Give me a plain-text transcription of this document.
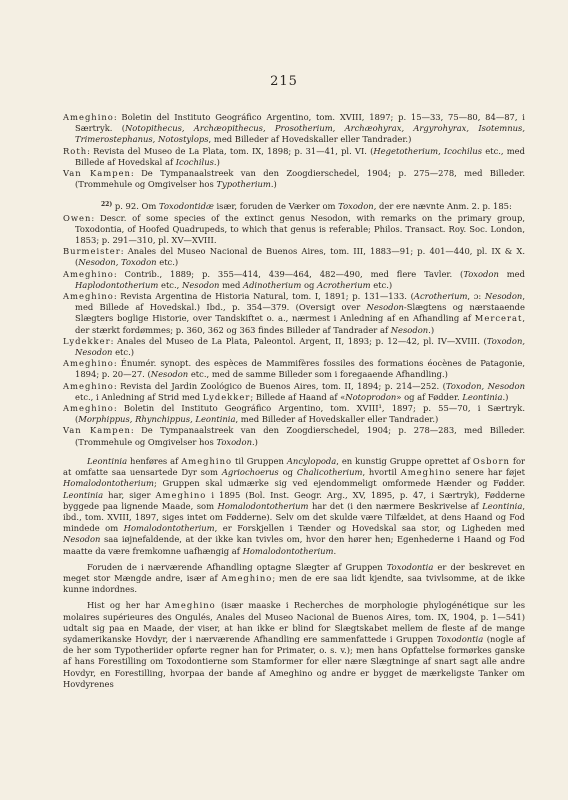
215

Ameghino: Boletin del Instituto Geográfico Argentino, tom. XVIII, 1897; p. 15—33, 75—80, 84—87, i Særtryk. (Notopithecus, Archæopithecus, Prosotherium, Archæohyrax, Argyrohyrax, Isotemnus, Trimerostephanus, Notostylops, med Billeder af Hovedskaller eller Tandrader.)

Roth: Revista del Museo de La Plata, tom. IX, 1898; p. 31—41, pl. VI. (Hegetotherium, Icochilus etc., med Billede af Hovedskal af Icochilus.)

Van Kampen: De Tympanaalstreek van den Zoogdierschedel, 1904; p. 275—278, med Billeder. (Trommehule og Omgivelser hos Typotherium.)

$^{22)}$ p. 92. Om Toxodontidæ især, foruden de Værker om Toxodon, der ere nævnte Anm. 2. p. 185:

Owen: Descr. of some species of the extinct genus Nesodon, with remarks on the primary group, Toxodontia, of Hoofed Quadrupeds, to which that genus is referable; Philos. Transact. Roy. Soc. London, 1853; p. 291—310, pl. XV—XVIII.

Burmeister: Anales del Museo Nacional de Buenos Aires, tom. III, 1883—91; p. 401—440, pl. IX & X. (Nesodon, Toxodon etc.)

Ameghino: Contrib., 1889; p. 355—414, 439—464, 482—490, med flere Tavler. (Toxodon med Haplodontotherium etc., Nesodon med Adinotherium og Acrotherium etc.)

Ameghino: Revista Argentina de Historia Natural, tom. I, 1891; p. 131—133. (Acrotherium, ɔ: Nesodon, med Billede af Hovedskal.) Ibd., p. 354—379. (Oversigt over Nesodon-Slægtens og nærstaaende Slægters boglige Historie, over Tandskiftet o. a., nærmest i Anledning af en Afhandling af Mercerat, der stærkt fordømmes; p. 360, 362 og 363 findes Billeder af Tandrader af Nesodon.)

Lydekker: Anales del Museo de La Plata, Paleontol. Argent, II, 1893; p. 12—42, pl. IV—XVIII. (Toxodon, Nesodon etc.)

Ameghino: Énumér. synopt. des espèces de Mammifères fossiles des formations éocènes de Patagonie, 1894; p. 20—27. (Nesodon etc., med de samme Billeder som i foregaaende Afhandling.)

Ameghino: Revista del Jardin Zoológico de Buenos Aires, tom. II, 1894; p. 214—252. (Toxodon, Nesodon etc., i Anledning af Strid med Lydekker; Billede af Haand af «Notoprodon» og af Fødder. Leontinia.)

Ameghino: Boletin del Instituto Geográfico Argentino, tom. XVIII¹, 1897; p. 55—70, i Særtryk. (Morphippus, Rhynchippus, Leontinia, med Billeder af Hovedskaller eller Tandrader.)

Van Kampen: De Tympanaalstreek van den Zoogdierschedel, 1904; p. 278—283, med Billeder. (Trommehule og Omgivelser hos Toxodon.)

Leontinia henføres af Ameghino til Gruppen Ancylopoda, en kunstig Gruppe oprettet af Osborn for at omfatte saa uensartede Dyr som Agriochoerus og Chalicotherium, hvortil Ameghino senere har føjet Homalodontotherium; Gruppen skal udmærke sig ved ejendommeligt omformede Hænder og Fødder. Leontinia har, siger Ameghino i 1895 (Bol. Inst. Geogr. Arg., XV, 1895, p. 47, i Særtryk), Fødderne byggede paa lignende Maade, som Homalodontotherium har det (i den nærmere Beskrivelse af Leontinia, ibd., tom. XVIII, 1897, siges intet om Fødderne). Selv om det skulde være Tilfældet, at dens Haand og Fod mindede om Homalodontotherium, er Forskjellen i Tænder og Hovedskal saa stor, og Ligheden med Nesodon saa iøjnefaldende, at der ikke kan tvivles om, hvor den hører hen; Egenhederne i Haand og Fod maatte da være fremkomne uafhængig af Homalodontotherium.

Foruden de i nærværende Afhandling optagne Slægter af Gruppen Toxodontia er der beskrevet en meget stor Mængde andre, især af Ameghino; men de ere saa lidt kjendte, saa tvivlsomme, at de ikke kunne indordnes.

Hist og her har Ameghino (især maaske i Recherches de morphologie phylogénétique sur les molaires supérieures des Ongulés, Anales del Museo Nacional de Buenos Aires, tom. IX, 1904, p. 1—541) udtalt sig paa en Maade, der viser, at han ikke er blind for Slægtskabet mellem de fleste af de mange sydamerikanske Hovdyr, der i nærværende Afhandling ere sammenfattede i Gruppen Toxodontia (nogle af de her som Typotheriider opførte regner han for Primater, o. s. v.); men hans Opfattelse formørkes ganske af hans Forestilling om Toxodontierne som Stamformer for eller nære Slægtninge af snart sagt alle andre Hovdyr, en Forestilling, hvorpaa der bande af Ameghino og andre er bygget de mærkeligste Tanker om Hovdyrenes
